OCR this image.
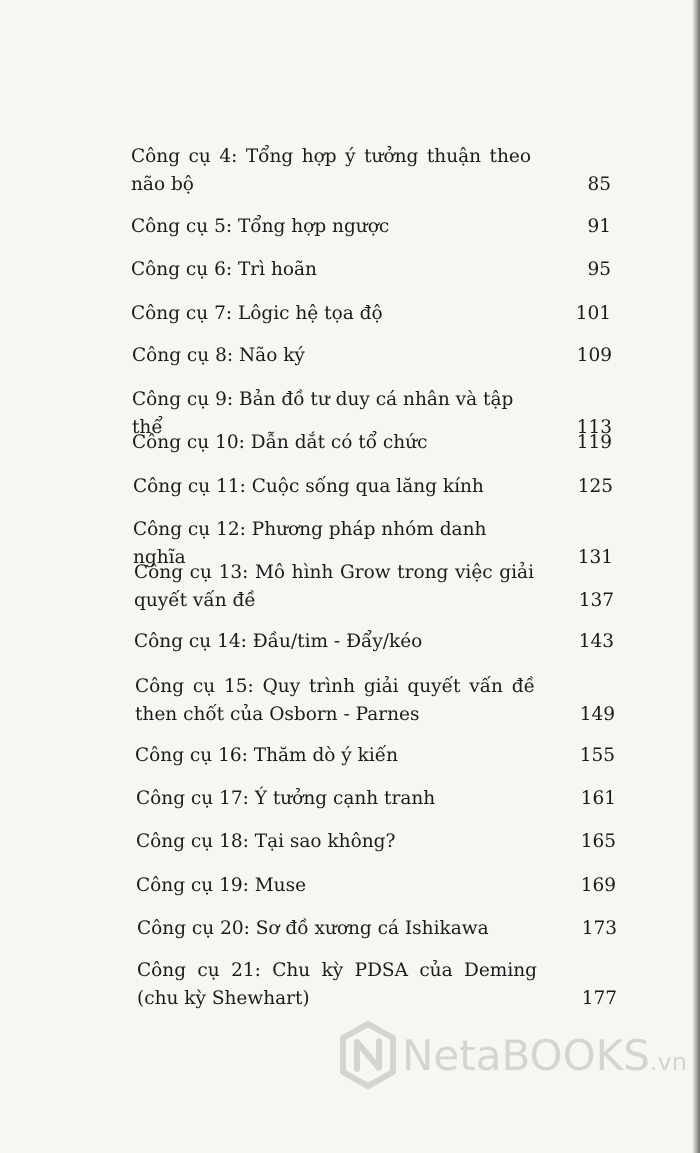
Công cụ 4: Tổng hợp ý tưởng thuận theo não bộ	85
Công cụ 5: Tổng hợp ngược	91
Công cụ 6: Trì hoãn	95
Công cụ 7: Lôgic hệ tọa độ	101
Công cụ 8: Não ký	109
Công cụ 9: Bản đồ tư duy cá nhân và tập thể	113
Công cụ 10: Dẫn dắt có tổ chức	119
Công cụ 11: Cuộc sống qua lăng kính	125
Công cụ 12: Phương pháp nhóm danh nghĩa	131
Công cụ 13: Mô hình Grow trong việc giải quyết vấn đề	137
Công cụ 14: Đầu/tim - Đẩy/kéo	143
Công cụ 15: Quy trình giải quyết vấn đề then chốt của Osborn - Parnes	149
Công cụ 16: Thăm dò ý kiến	155
Công cụ 17: Ý tưởng cạnh tranh	161
Công cụ 18: Tại sao không?	165
Công cụ 19: Muse	169
Công cụ 20: Sơ đồ xương cá Ishikawa	173
Công cụ 21: Chu kỳ PDSA của Deming (chu kỳ Shewhart)	177
NetaBOOKS.vn
